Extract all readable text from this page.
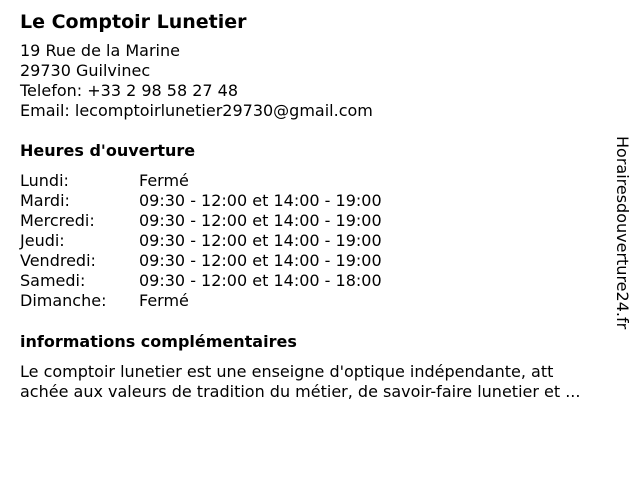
Le Comptoir Lunetier
19 Rue de la Marine
29730 Guilvinec
Telefon: +33 2 98 58 27 48
Email: lecomptoirlunetier29730@gmail.com
Heures d'ouverture
Lundi:	Fermé
Mardi:	09:30 - 12:00 et 14:00 - 19:00
Mercredi:	09:30 - 12:00 et 14:00 - 19:00
Jeudi:	09:30 - 12:00 et 14:00 - 19:00
Vendredi:	09:30 - 12:00 et 14:00 - 19:00
Samedi:	09:30 - 12:00 et 14:00 - 18:00
Dimanche:	Fermé
informations complémentaires
Le comptoir lunetier est une enseigne d'optique indépendante, att
achée aux valeurs de tradition du métier, de savoir-faire lunetier et ...
Horairesdouverture24.fr
